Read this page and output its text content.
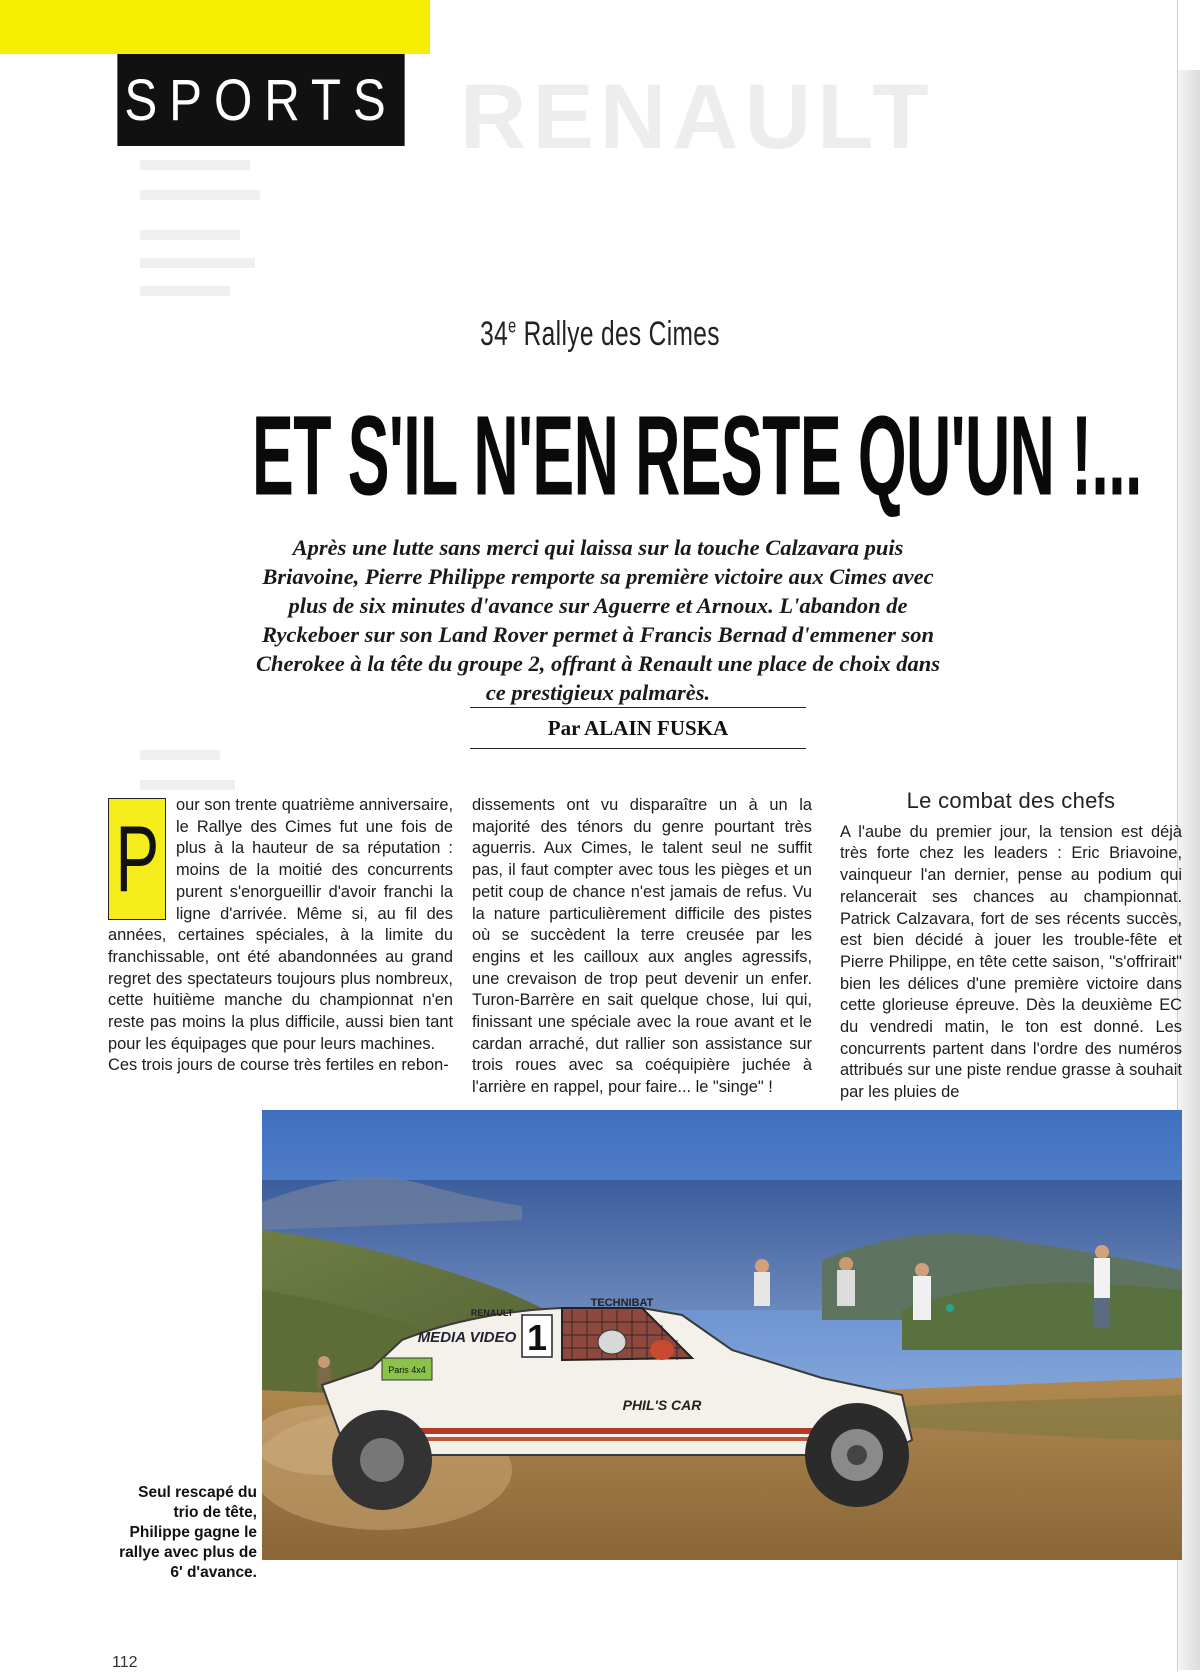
RENAULT
SPORTS
34e Rallye des Cimes
ET S'IL N'EN RESTE QU'UN !...
Après une lutte sans merci qui laissa sur la touche Calzavara puis Briavoine, Pierre Philippe remporte sa première victoire aux Cimes avec plus de six minutes d'avance sur Aguerre et Arnoux. L'abandon de Ryckeboer sur son Land Rover permet à Francis Bernad d'emmener son Cherokee à la tête du groupe 2, offrant à Renault une place de choix dans ce prestigieux palmarès.
Par ALAIN FUSKA
P

our son trente quatrième anniversaire, le Rallye des Cimes fut une fois de plus à la hauteur de sa réputation : moins de la moitié des concurrents purent s'enorgueillir d'avoir franchi la ligne d'arrivée. Même si, au fil des années, certaines spéciales, à la limite du franchissable, ont été abandonnées au grand regret des spectateurs toujours plus nombreux, cette huitième manche du championnat n'en reste pas moins la plus difficile, aussi bien tant pour les équipages que pour leurs machines.

Ces trois jours de course très fertiles en rebon-

dissements ont vu disparaître un à un la majorité des ténors du genre pourtant très aguerris. Aux Cimes, le talent seul ne suffit pas, il faut compter avec tous les pièges et un petit coup de chance n'est jamais de refus. Vu la nature particulièrement difficile des pistes où se succèdent la terre creusée par les engins et les cailloux aux angles agressifs, une crevaison de trop peut devenir un enfer. Turon-Barrère en sait quelque chose, lui qui, finissant une spéciale avec la roue avant et le cardan arraché, dut rallier son assistance sur trois roues avec sa coéquipière juchée à l'arrière en rappel, pour faire... le "singe" !

Le combat des chefs

A l'aube du premier jour, la tension est déjà très forte chez les leaders : Eric Briavoine, vainqueur l'an dernier, pense au podium qui relancerait ses chances au championnat. Patrick Calzavara, fort de ses récents succès, est bien décidé à jouer les trouble-fête et Pierre Philippe, en tête cette saison, "s'offrirait" bien les délices d'une première victoire dans cette glorieuse épreuve. Dès la deuxième EC du vendredi matin, le ton est donné. Les concurrents partent dans l'ordre des numéros attribués sur une piste rendue grasse à souhait par les pluies de

1
TECHNIBAT
RENAULT
MEDIA VIDEO
Paris 4x4
PHIL'S CAR
Seul rescapé du trio de tête, Philippe gagne le rallye avec plus de 6' d'avance.
112
